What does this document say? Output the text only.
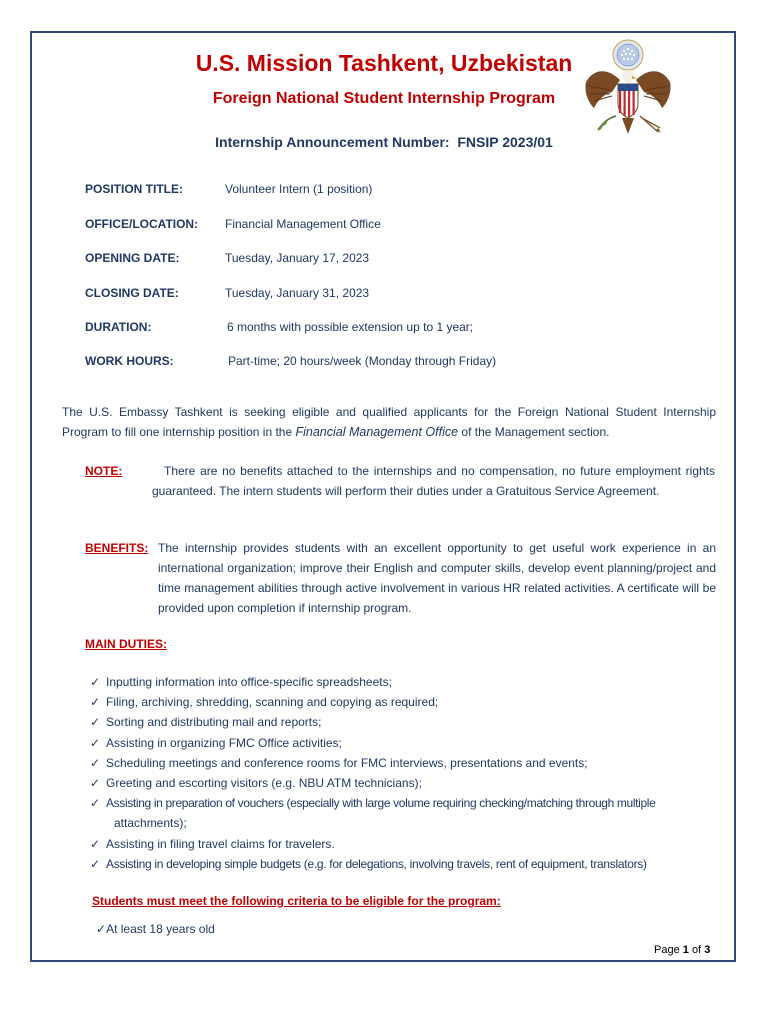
U.S. Mission Tashkent, Uzbekistan
Foreign National Student Internship Program
Internship Announcement Number: FNSIP 2023/01
POSITION TITLE:	Volunteer Intern (1 position)
OFFICE/LOCATION: Financial Management Office
OPENING DATE:	Tuesday, January 17, 2023
CLOSING DATE:	Tuesday, January 31, 2023
DURATION:	6 months with possible extension up to 1 year;
WORK HOURS:	Part-time; 20 hours/week (Monday through Friday)
The U.S. Embassy Tashkent is seeking eligible and qualified applicants for the Foreign National Student Internship Program to fill one internship position in the Financial Management Office of the Management section.
NOTE:	There are no benefits attached to the internships and no compensation, no future employment rights guaranteed. The intern students will perform their duties under a Gratuitous Service Agreement.
BENEFITS: The internship provides students with an excellent opportunity to get useful work experience in an international organization; improve their English and computer skills, develop event planning/project and time management abilities through active involvement in various HR related activities. A certificate will be provided upon completion if internship program.
MAIN DUTIES:
✓ Inputting information into office-specific spreadsheets;
✓ Filing, archiving, shredding, scanning and copying as required;
✓ Sorting and distributing mail and reports;
✓ Assisting in organizing FMC Office activities;
✓ Scheduling meetings and conference rooms for FMC interviews, presentations and events;
✓ Greeting and escorting visitors (e.g. NBU ATM technicians);
✓ Assisting in preparation of vouchers (especially with large volume requiring checking/matching through multiple
attachments);
✓ Assisting in filing travel claims for travelers.
✓ Assisting in developing simple budgets (e.g. for delegations, involving travels, rent of equipment, translators)
Students must meet the following criteria to be eligible for the program:
✓At least 18 years old
Page 1 of 3
